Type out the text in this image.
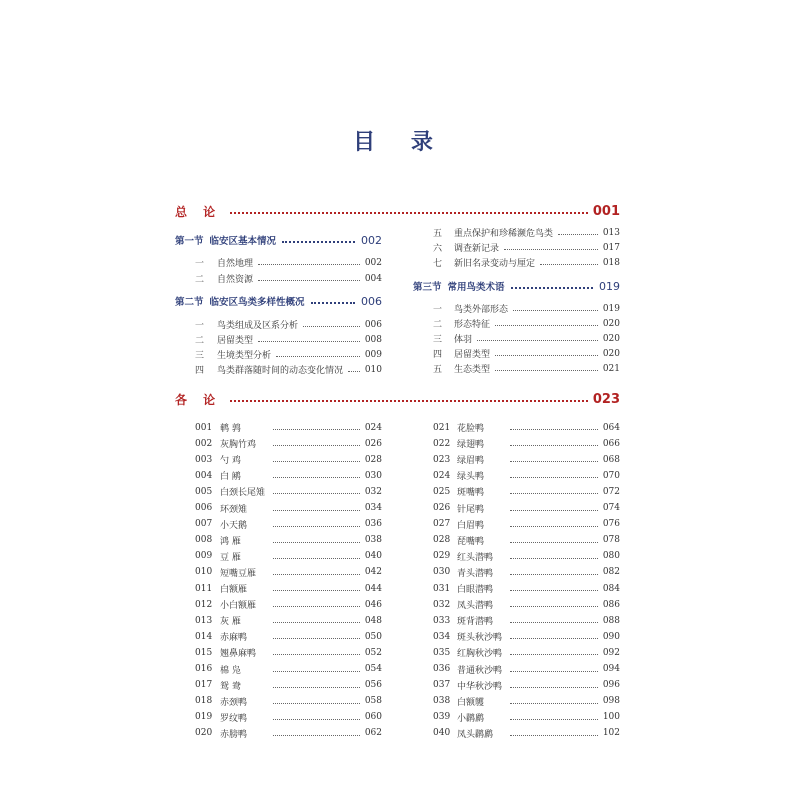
目 录
总 论	001
第一节 临安区基本情况	002
一	自然地理	002
二	自然资源	004
第二节 临安区鸟类多样性概况	006
一	鸟类组成及区系分析	006
二	居留类型	008
三	生境类型分析	009
四	鸟类群落随时间的动态变化情况 010
五	重点保护和珍稀濒危鸟类	013
六	调查新记录	017
七	新旧名录变动与厘定	018
第三节 常用鸟类术语	019
一	鸟类外部形态	019
二	形态特征	020
三	体羽	020
四	居留类型	020
五	生态类型	021
各 论	023
001 鹌 鹑	024
002 灰胸竹鸡	026
003 勺 鸡	028
004 白 鹇	030
005 白颈长尾雉	032
006 环颈雉	034
007 小天鹅	036
008 鸿 雁	038
009 豆 雁	040
010 短嘴豆雁	042
011 白额雁	044
012 小白额雁	046
013 灰 雁	048
014 赤麻鸭	050
015 翘鼻麻鸭	052
016 棉 凫	054
017 鸳 鸯	056
018 赤颈鸭	058
019 罗纹鸭	060
020 赤膀鸭	062
021 花脸鸭	064
022 绿翅鸭	066
023 绿眉鸭	068
024 绿头鸭	070
025 斑嘴鸭	072
026 针尾鸭	074
027 白眉鸭	076
028 琵嘴鸭	078
029 红头潜鸭	080
030 青头潜鸭	082
031 白眼潜鸭	084
032 凤头潜鸭	086
033 斑背潜鸭	088
034 斑头秋沙鸭	090
035 红胸秋沙鸭	092
036 普通秋沙鸭	094
037 中华秋沙鸭	096
038 白额鹱	098
039 小䴙䴘	100
040 凤头䴙䴘	102
